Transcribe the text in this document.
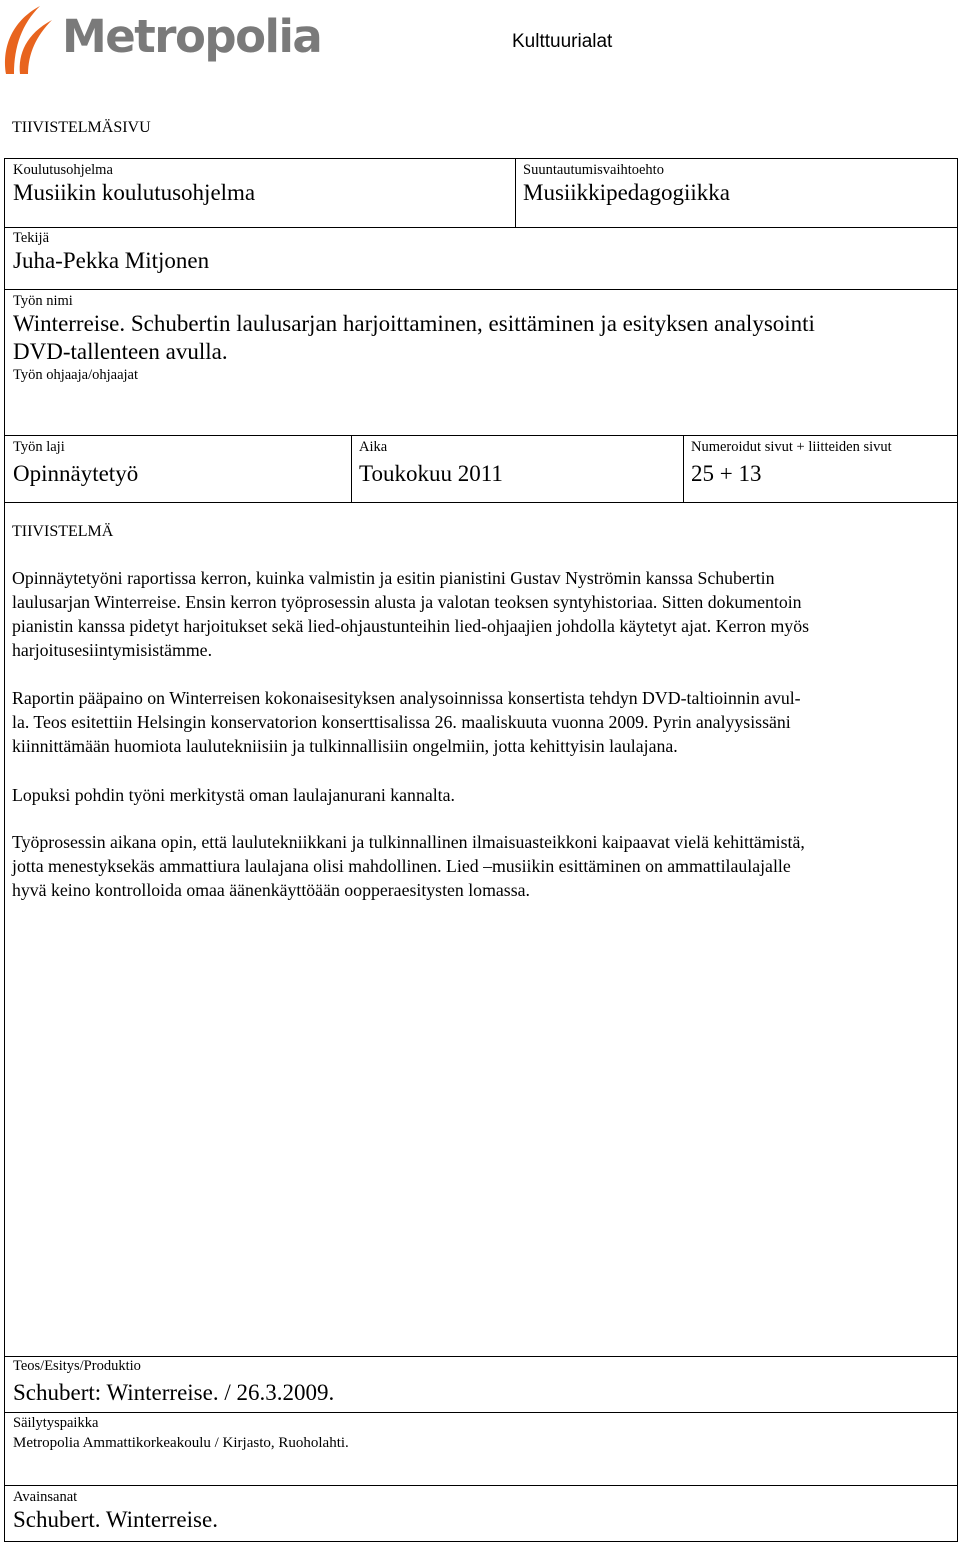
Metropolia	Kulttuurialat
TIIVISTELMÄSIVU
Koulutusohjelma
Musiikin koulutusohjelma
Suuntautumisvaihtoehto
Musiikkipedagogiikka
Tekijä
Juha-Pekka Mitjonen
Työn nimi
Winterreise. Schubertin laulusarjan harjoittaminen, esittäminen ja esityksen analysointi
DVD-tallenteen avulla.
Työn ohjaaja/ohjaajat
Työn laji
Opinnäytetyö
Aika
Toukokuu 2011
Numeroidut sivut + liitteiden sivut
25 + 13
TIIVISTELMÄ
Opinnäytetyöni raportissa kerron, kuinka valmistin ja esitin pianistini Gustav Nyströmin kanssa Schubertin
laulusarjan Winterreise. Ensin kerron työprosessin alusta ja valotan teoksen syntyhistoriaa. Sitten dokumentoin
pianistin kanssa pidetyt harjoitukset sekä lied-ohjaustunteihin lied-ohjaajien johdolla käytetyt ajat. Kerron myös
harjoitusesiintymisistämme.
Raportin pääpaino on Winterreisen kokonaisesityksen analysoinnissa konsertista tehdyn DVD-taltioinnin avul-
la. Teos esitettiin Helsingin konservatorion konserttisalissa 26. maaliskuuta vuonna 2009. Pyrin analyysissäni
kiinnittämään huomiota laulutekniisiin ja tulkinnallisiin ongelmiin, jotta kehittyisin laulajana.
Lopuksi pohdin työni merkitystä oman laulajanurani kannalta.
Työprosessin aikana opin, että laulutekniikkani ja tulkinnallinen ilmaisuasteikkoni kaipaavat vielä kehittämistä,
jotta menestyksekäs ammattiura laulajana olisi mahdollinen. Lied –musiikin esittäminen on ammattilaulajalle
hyvä keino kontrolloida omaa äänenkäyttöään oopperaesitysten lomassa.
Teos/Esitys/Produktio
Schubert: Winterreise. / 26.3.2009.
Säilytyspaikka
Metropolia Ammattikorkeakoulu / Kirjasto, Ruoholahti.
Avainsanat
Schubert. Winterreise.
